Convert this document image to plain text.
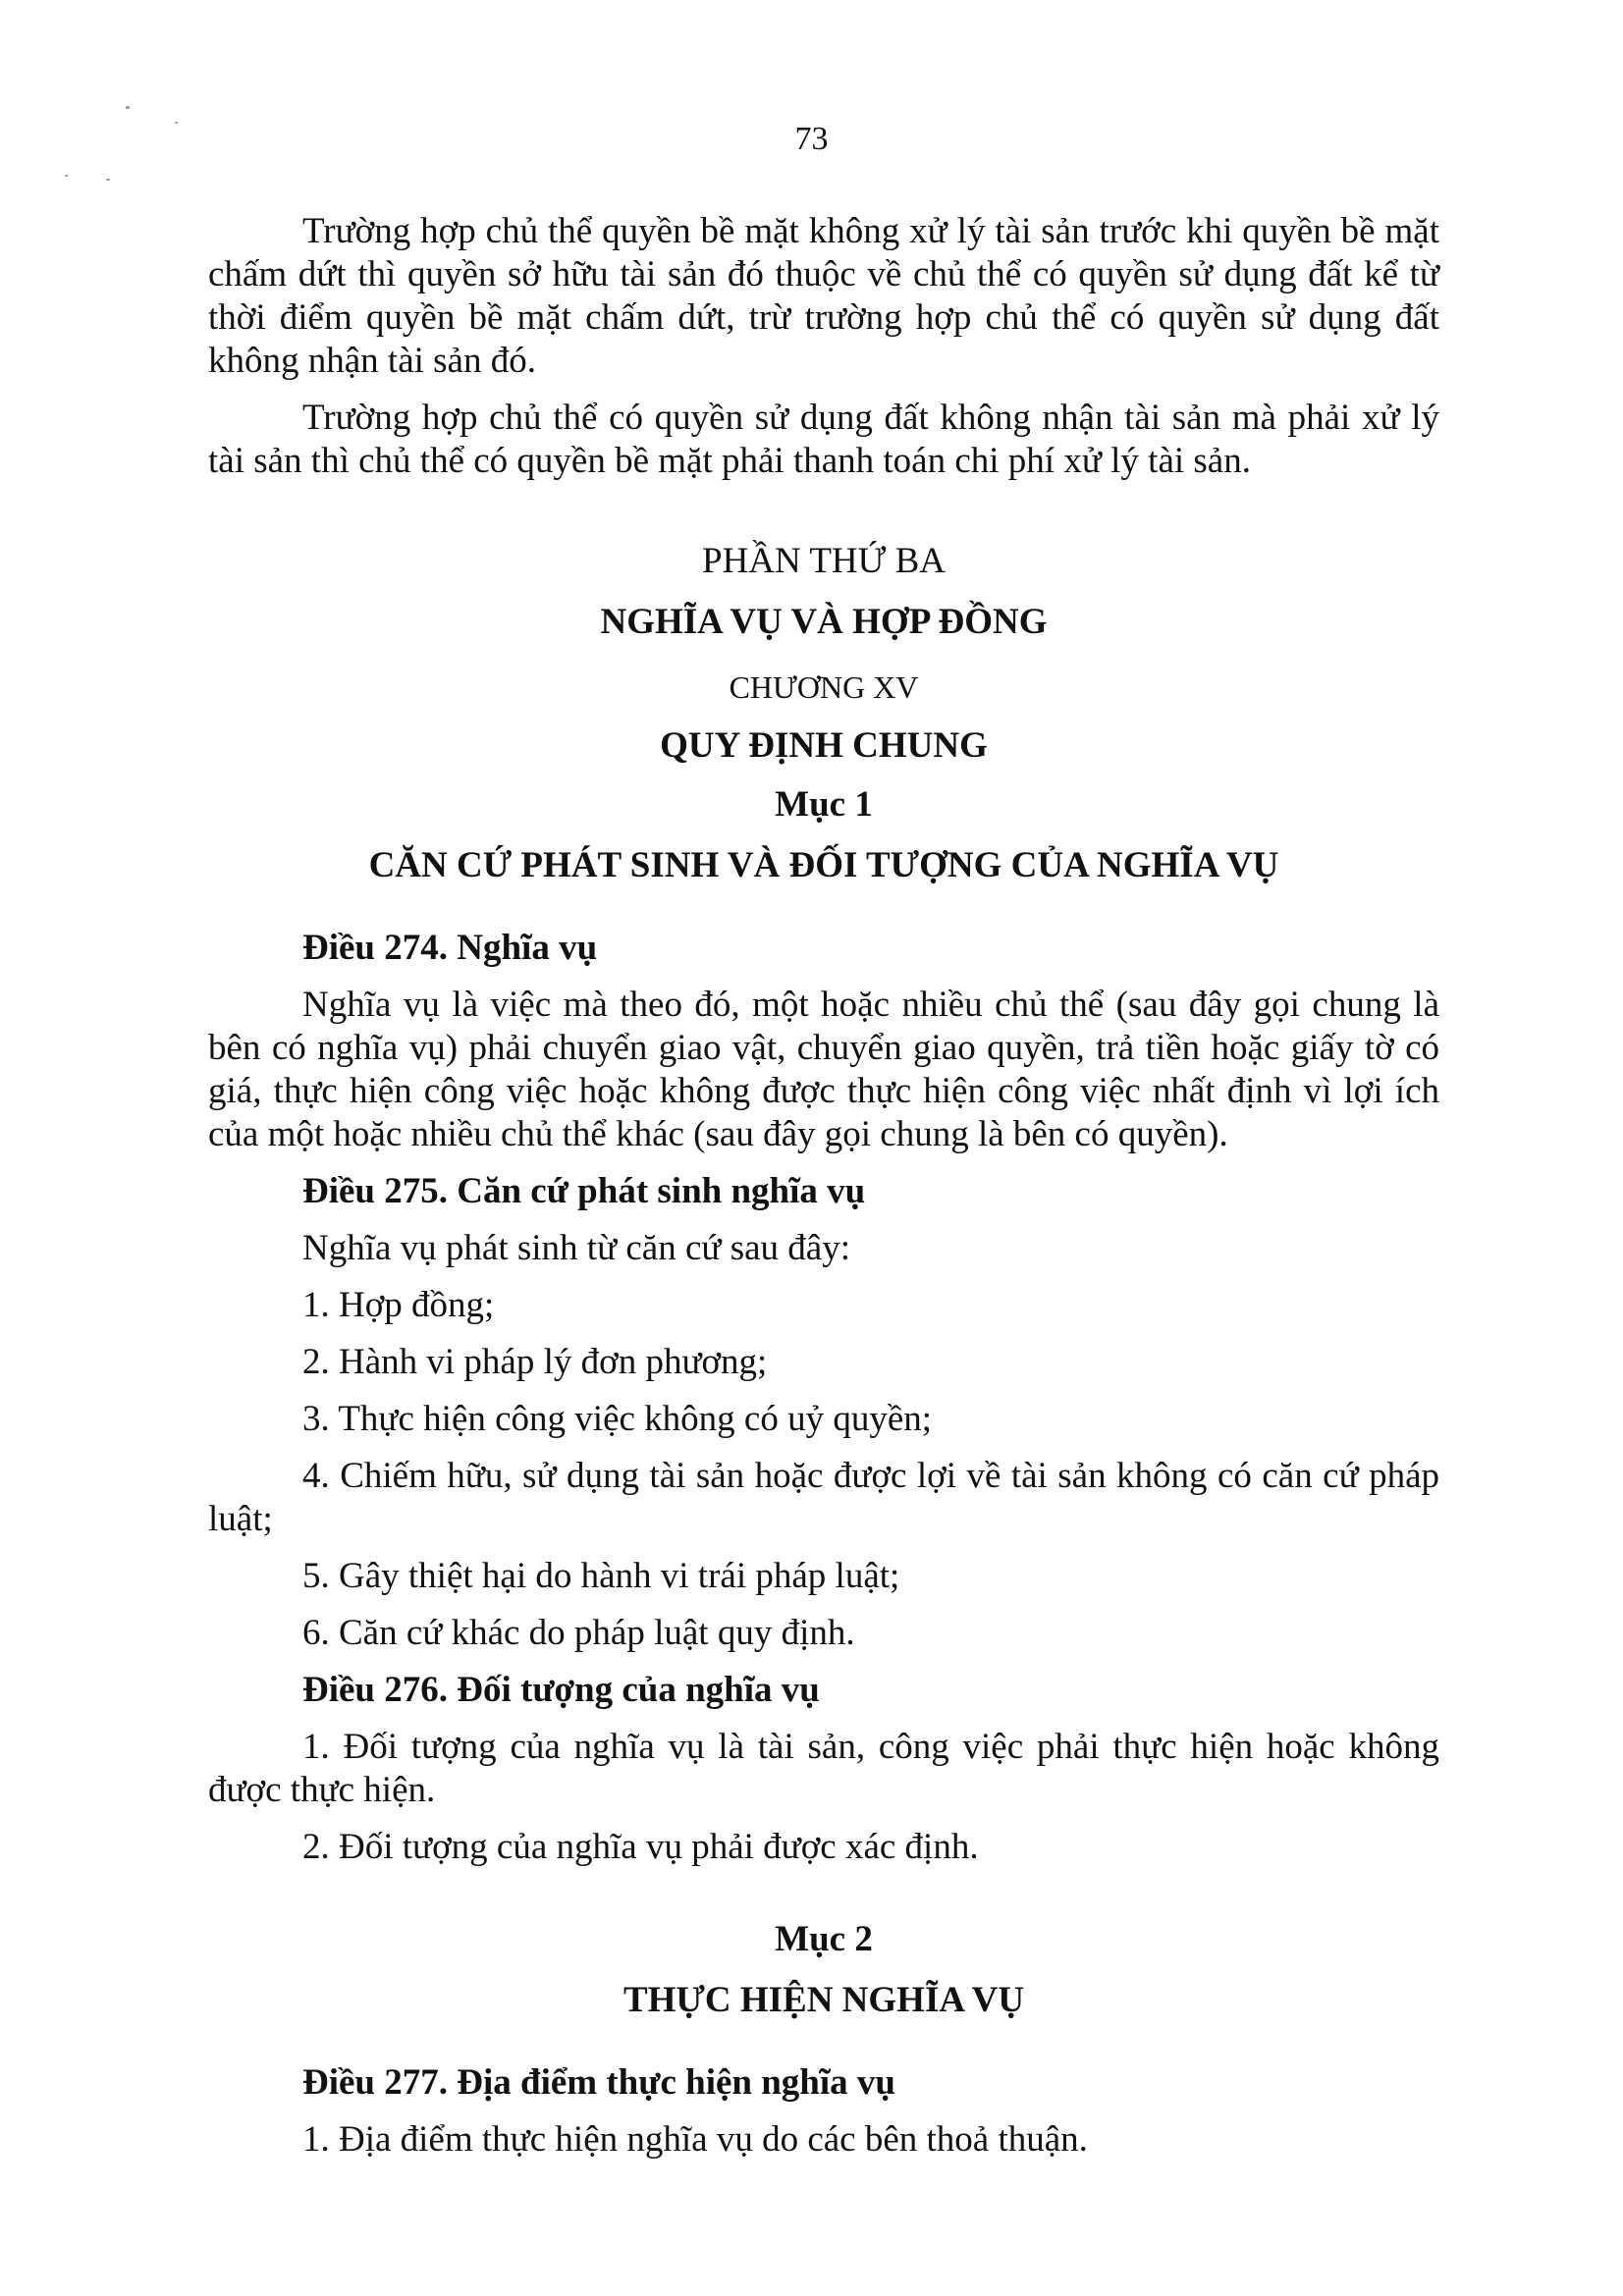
73

Trường hợp chủ thể quyền bề mặt không xử lý tài sản trước khi quyền bề mặt chấm dứt thì quyền sở hữu tài sản đó thuộc về chủ thể có quyền sử dụng đất kể từ thời điểm quyền bề mặt chấm dứt, trừ trường hợp chủ thể có quyền sử dụng đất không nhận tài sản đó.

Trường hợp chủ thể có quyền sử dụng đất không nhận tài sản mà phải xử lý tài sản thì chủ thể có quyền bề mặt phải thanh toán chi phí xử lý tài sản.

PHẦN THỨ BA

NGHĨA VỤ VÀ HỢP ĐỒNG

CHƯƠNG XV

QUY ĐỊNH CHUNG

Mục 1

CĂN CỨ PHÁT SINH VÀ ĐỐI TƯỢNG CỦA NGHĨA VỤ

Điều 274. Nghĩa vụ

Nghĩa vụ là việc mà theo đó, một hoặc nhiều chủ thể (sau đây gọi chung là bên có nghĩa vụ) phải chuyển giao vật, chuyển giao quyền, trả tiền hoặc giấy tờ có giá, thực hiện công việc hoặc không được thực hiện công việc nhất định vì lợi ích của một hoặc nhiều chủ thể khác (sau đây gọi chung là bên có quyền).

Điều 275. Căn cứ phát sinh nghĩa vụ

Nghĩa vụ phát sinh từ căn cứ sau đây:

1. Hợp đồng;

2. Hành vi pháp lý đơn phương;

3. Thực hiện công việc không có uỷ quyền;

4. Chiếm hữu, sử dụng tài sản hoặc được lợi về tài sản không có căn cứ pháp luật;

5. Gây thiệt hại do hành vi trái pháp luật;

6. Căn cứ khác do pháp luật quy định.

Điều 276. Đối tượng của nghĩa vụ

1. Đối tượng của nghĩa vụ là tài sản, công việc phải thực hiện hoặc không được thực hiện.

2. Đối tượng của nghĩa vụ phải được xác định.

Mục 2

THỰC HIỆN NGHĨA VỤ

Điều 277. Địa điểm thực hiện nghĩa vụ

1. Địa điểm thực hiện nghĩa vụ do các bên thoả thuận.
